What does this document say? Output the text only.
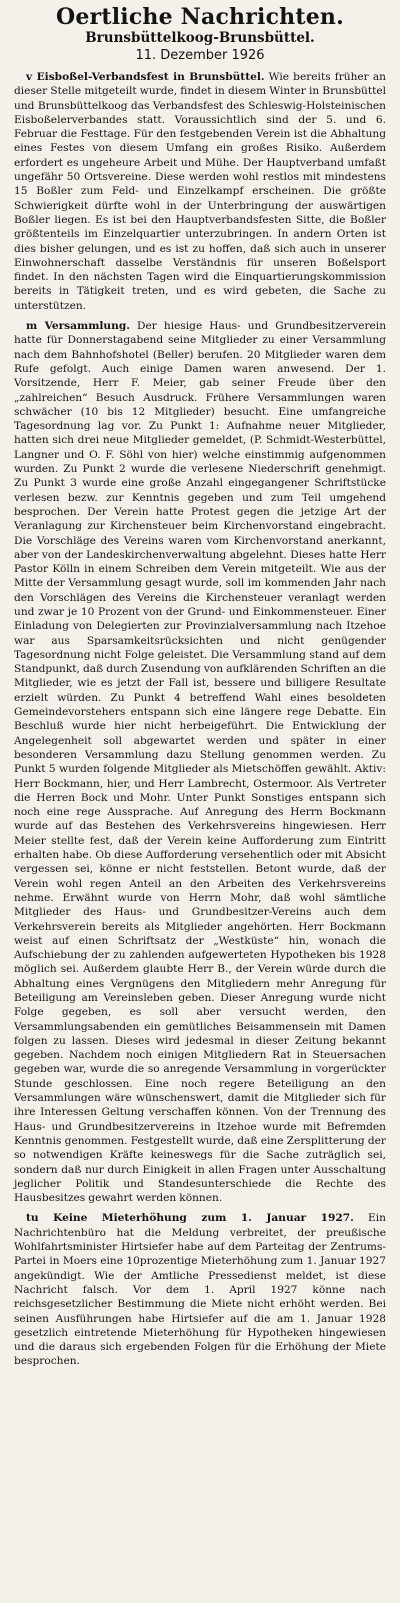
Oertliche Nachrichten.
Brunsbüttelkoog-Brunsbüttel.
11. Dezember 1926

v Eisboßel-Verbandsfest in Brunsbüttel. Wie bereits früher an dieser Stelle mitgeteilt wurde, findet in diesem Winter in Brunsbüttel und Brunsbüttelkoog das Verbandsfest des Schleswig-Holsteinischen Eisboßelerverbandes statt. Voraussichtlich sind der 5. und 6. Februar die Festtage. Für den festgebenden Verein ist die Abhaltung eines Festes von diesem Umfang ein großes Risiko. Außerdem erfordert es ungeheure Arbeit und Mühe. Der Hauptverband umfaßt ungefähr 50 Ortsvereine. Diese werden wohl restlos mit mindestens 15 Boßler zum Feld- und Einzelkampf erscheinen. Die größte Schwierigkeit dürfte wohl in der Unterbringung der auswärtigen Boßler liegen. Es ist bei den Hauptverbandsfesten Sitte, die Boßler größtenteils im Einzelquartier unterzubringen. In andern Orten ist dies bisher gelungen, und es ist zu hoffen, daß sich auch in unserer Einwohnerschaft dasselbe Verständnis für unseren Boßelsport findet. In den nächsten Tagen wird die Einquartierungskommission bereits in Tätigkeit treten, und es wird gebeten, die Sache zu unterstützen.

m Versammlung. Der hiesige Haus- und Grundbesitzerverein hatte für Donnerstagabend seine Mitglieder zu einer Versammlung nach dem Bahnhofshotel (Beller) berufen. 20 Mitglieder waren dem Rufe gefolgt. Auch einige Damen waren anwesend. Der 1. Vorsitzende, Herr F. Meier, gab seiner Freude über den „zahlreichen“ Besuch Ausdruck. Frühere Versammlungen waren schwächer (10 bis 12 Mitglieder) besucht. Eine umfangreiche Tagesordnung lag vor. Zu Punkt 1: Aufnahme neuer Mitglieder, hatten sich drei neue Mitglieder gemeldet, (P. Schmidt-Westerbüttel, Langner und O. F. Söhl von hier) welche einstimmig aufgenommen wurden. Zu Punkt 2 wurde die verlesene Niederschrift genehmigt. Zu Punkt 3 wurde eine große Anzahl eingegangener Schriftstücke verlesen bezw. zur Kenntnis gegeben und zum Teil umgehend besprochen. Der Verein hatte Protest gegen die jetzige Art der Veranlagung zur Kirchensteuer beim Kirchenvorstand eingebracht. Die Vorschläge des Vereins waren vom Kirchenvorstand anerkannt, aber von der Landeskirchenverwaltung abgelehnt. Dieses hatte Herr Pastor Kölln in einem Schreiben dem Verein mitgeteilt. Wie aus der Mitte der Versammlung gesagt wurde, soll im kommenden Jahr nach den Vorschlägen des Vereins die Kirchensteuer veranlagt werden und zwar je 10 Prozent von der Grund- und Einkommensteuer. Einer Einladung von Delegierten zur Provinzialversammlung nach Itzehoe war aus Sparsamkeitsrücksichten und nicht genügender Tagesordnung nicht Folge geleistet. Die Versammlung stand auf dem Standpunkt, daß durch Zusendung von aufklärenden Schriften an die Mitglieder, wie es jetzt der Fall ist, bessere und billigere Resultate erzielt würden. Zu Punkt 4 betreffend Wahl eines besoldeten Gemeindevorstehers entspann sich eine längere rege Debatte. Ein Beschluß wurde hier nicht herbeigeführt. Die Entwicklung der Angelegenheit soll abgewartet werden und später in einer besonderen Versammlung dazu Stellung genommen werden. Zu Punkt 5 wurden folgende Mitglieder als Mietschöffen gewählt. Aktiv: Herr Bockmann, hier, und Herr Lambrecht, Ostermoor. Als Vertreter die Herren Bock und Mohr. Unter Punkt Sonstiges entspann sich noch eine rege Aussprache. Auf Anregung des Herrn Bockmann wurde auf das Bestehen des Verkehrsvereins hingewiesen. Herr Meier stellte fest, daß der Verein keine Aufforderung zum Eintritt erhalten habe. Ob diese Aufforderung versehentlich oder mit Absicht vergessen sei, könne er nicht feststellen. Betont wurde, daß der Verein wohl regen Anteil an den Arbeiten des Verkehrsvereins nehme. Erwähnt wurde von Herrn Mohr, daß wohl sämtliche Mitglieder des Haus- und Grundbesitzer-Vereins auch dem Verkehrsverein bereits als Mitglieder angehörten. Herr Bockmann weist auf einen Schriftsatz der „Westküste“ hin, wonach die Aufschiebung der zu zahlenden aufgewerteten Hypotheken bis 1928 möglich sei. Außerdem glaubte Herr B., der Verein würde durch die Abhaltung eines Vergnügens den Mitgliedern mehr Anregung für Beteiligung am Vereinsleben geben. Dieser Anregung wurde nicht Folge gegeben, es soll aber versucht werden, den Versammlungsabenden ein gemütliches Beisammensein mit Damen folgen zu lassen. Dieses wird jedesmal in dieser Zeitung bekannt gegeben. Nachdem noch einigen Mitgliedern Rat in Steuersachen gegeben war, wurde die so anregende Versammlung in vorgerückter Stunde geschlossen. Eine noch regere Beteiligung an den Versammlungen wäre wünschenswert, damit die Mitglieder sich für ihre Interessen Geltung verschaffen können. Von der Trennung des Haus- und Grundbesitzervereins in Itzehoe wurde mit Befremden Kenntnis genommen. Festgestellt wurde, daß eine Zersplitterung der so notwendigen Kräfte keineswegs für die Sache zuträglich sei, sondern daß nur durch Einigkeit in allen Fragen unter Ausschaltung jeglicher Politik und Standesunterschiede die Rechte des Hausbesitzes gewahrt werden können.

tu Keine Mieterhöhung zum 1. Januar 1927. Ein Nachrichtenbüro hat die Meldung verbreitet, der preußische Wohlfahrtsminister Hirtsiefer habe auf dem Parteitag der Zentrums-Partei in Moers eine 10prozentige Mieterhöhung zum 1. Januar 1927 angekündigt. Wie der Amtliche Pressedienst meldet, ist diese Nachricht falsch. Vor dem 1. April 1927 könne nach reichsgesetzlicher Bestimmung die Miete nicht erhöht werden. Bei seinen Ausführungen habe Hirtsiefer auf die am 1. Januar 1928 gesetzlich eintretende Mieterhöhung für Hypotheken hingewiesen und die daraus sich ergebenden Folgen für die Erhöhung der Miete besprochen.
